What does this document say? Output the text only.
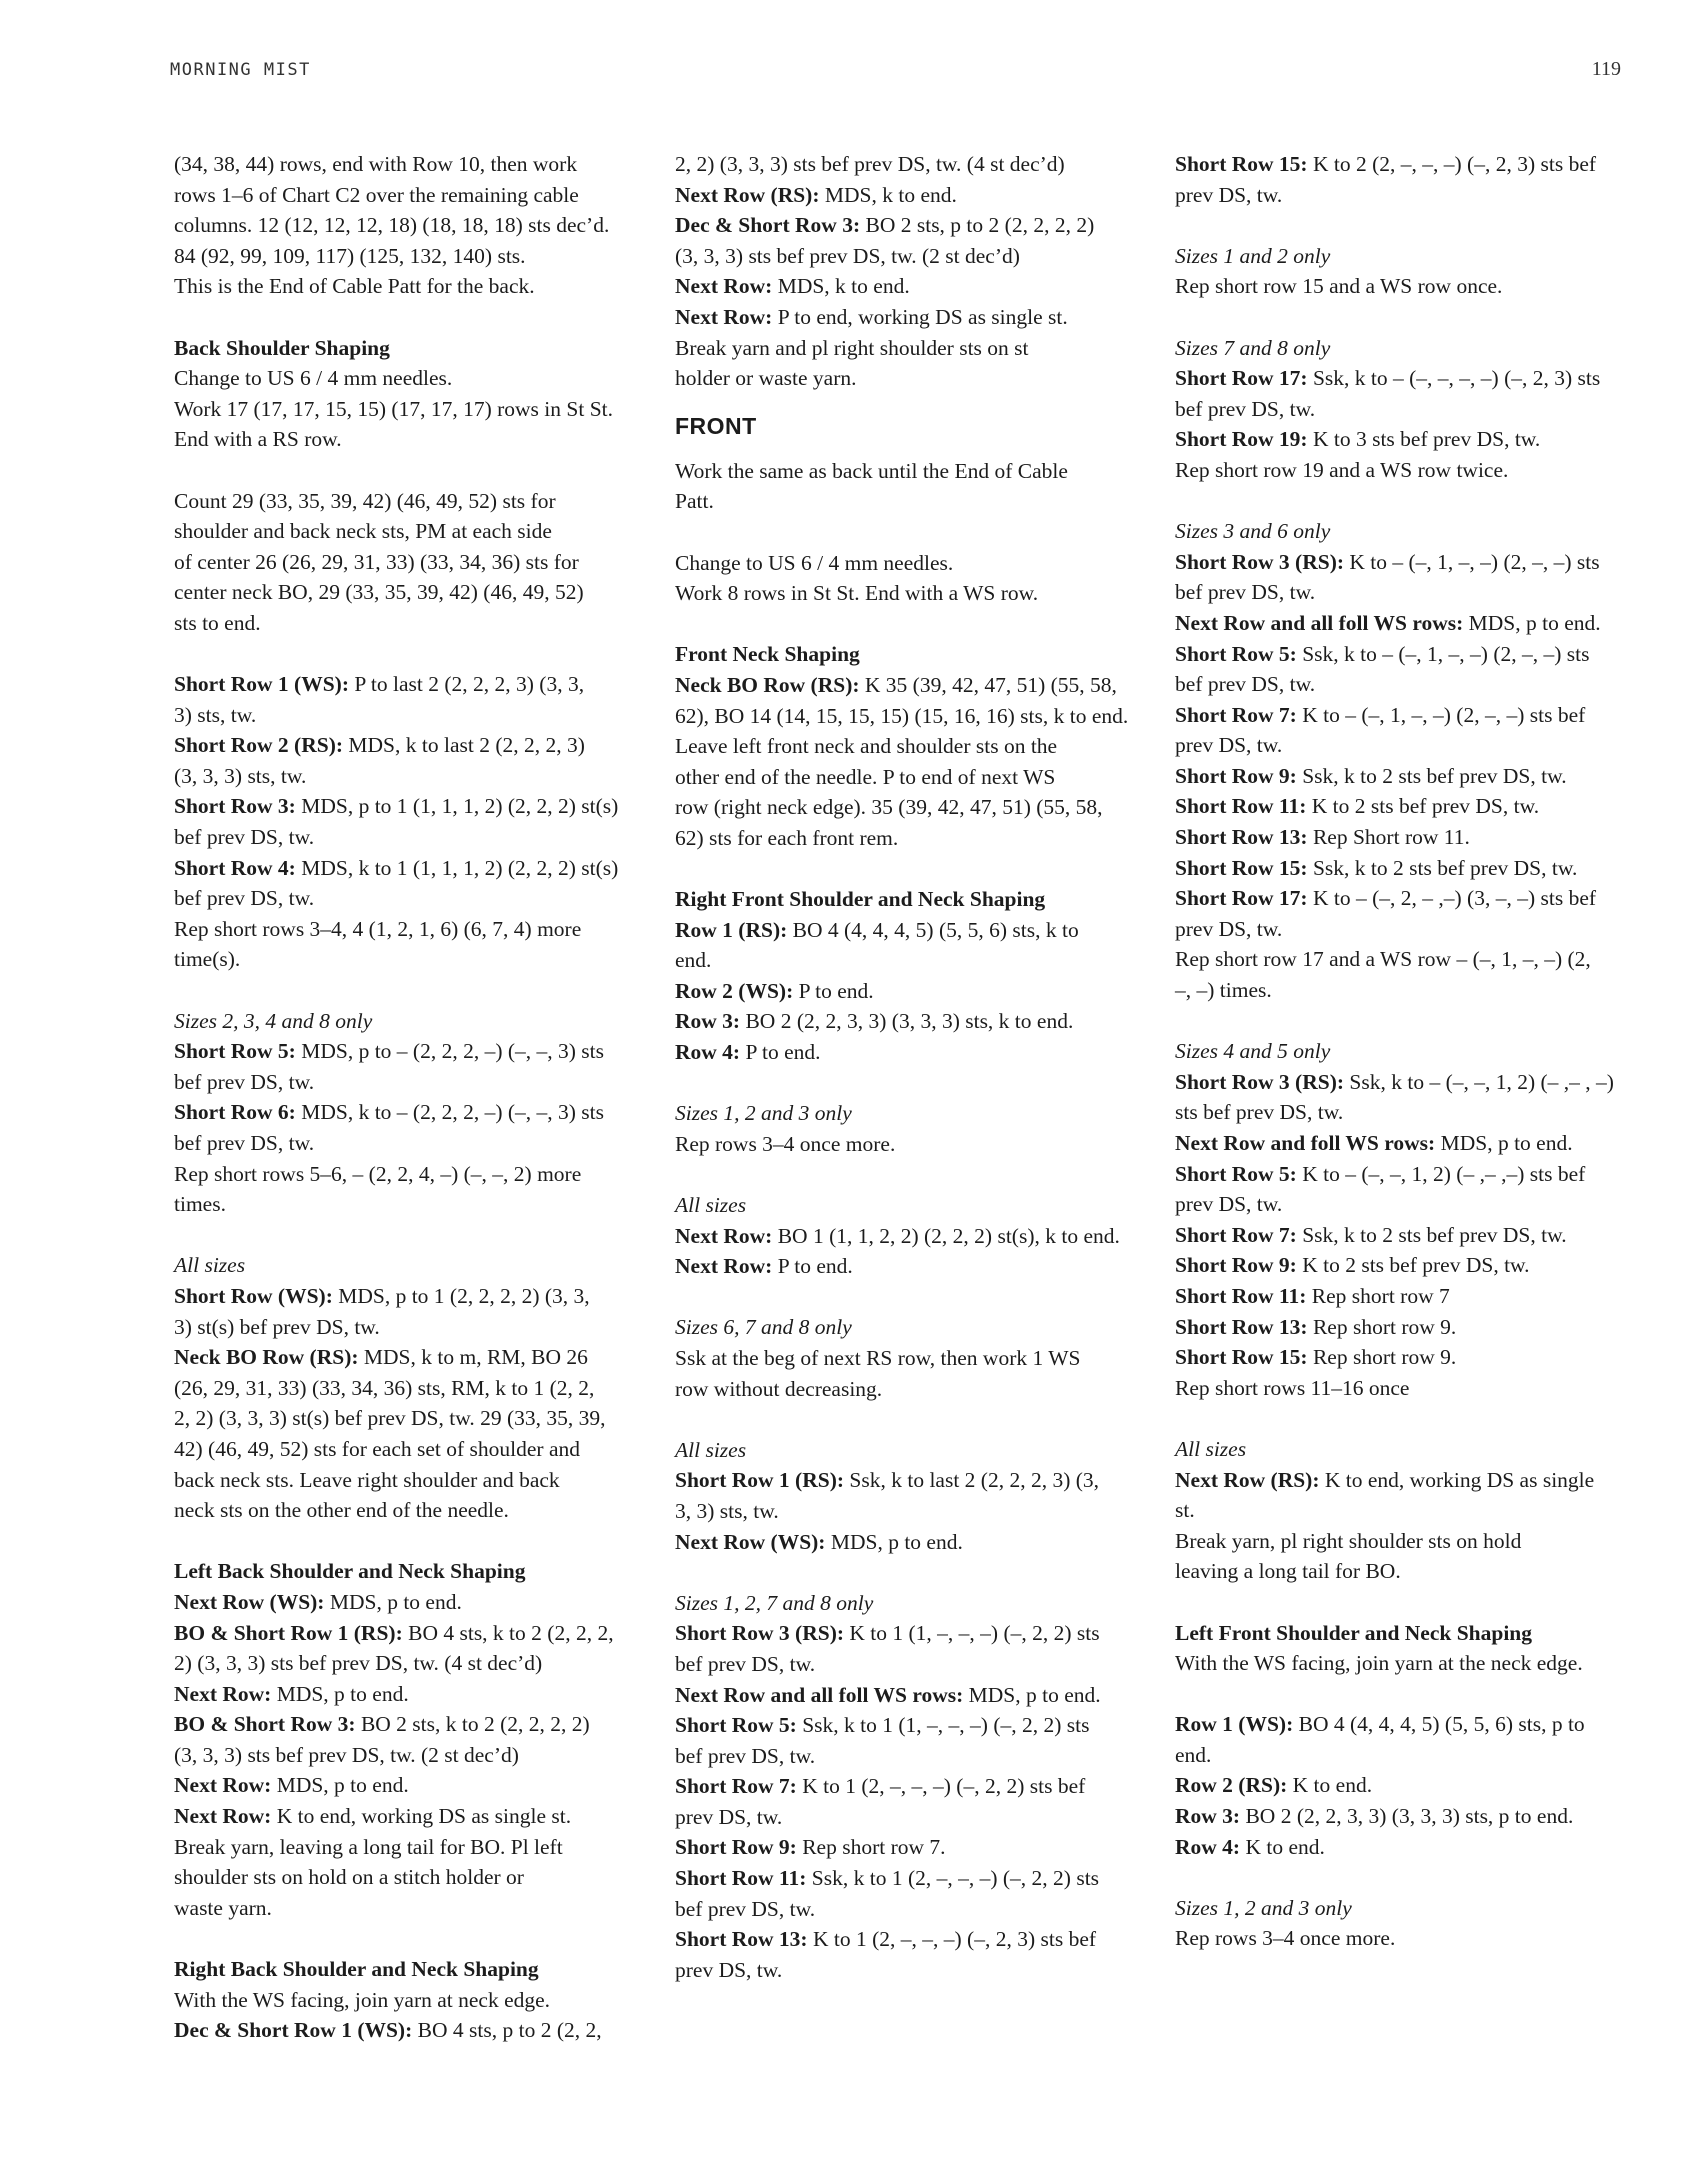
MORNING MIST	119
(34, 38, 44) rows, end with Row 10, then work
rows 1–6 of Chart C2 over the remaining cable
columns. 12 (12, 12, 12, 18) (18, 18, 18) sts dec’d.
84 (92, 99, 109, 117) (125, 132, 140) sts.
This is the End of Cable Patt for the back.
Back Shoulder Shaping
Change to US 6 / 4 mm needles.
Work 17 (17, 17, 15, 15) (17, 17, 17) rows in St St.
End with a RS row.
Count 29 (33, 35, 39, 42) (46, 49, 52) sts for
shoulder and back neck sts, PM at each side
of center 26 (26, 29, 31, 33) (33, 34, 36) sts for
center neck BO, 29 (33, 35, 39, 42) (46, 49, 52)
sts to end.
Short Row 1 (WS): P to last 2 (2, 2, 2, 3) (3, 3,
3) sts, tw.
Short Row 2 (RS): MDS, k to last 2 (2, 2, 2, 3)
(3, 3, 3) sts, tw.
Short Row 3: MDS, p to 1 (1, 1, 1, 2) (2, 2, 2) st(s)
bef prev DS, tw.
Short Row 4: MDS, k to 1 (1, 1, 1, 2) (2, 2, 2) st(s)
bef prev DS, tw.
Rep short rows 3–4, 4 (1, 2, 1, 6) (6, 7, 4) more
time(s).
Sizes 2, 3, 4 and 8 only
Short Row 5: MDS, p to – (2, 2, 2, –) (–, –, 3) sts
bef prev DS, tw.
Short Row 6: MDS, k to – (2, 2, 2, –) (–, –, 3) sts
bef prev DS, tw.
Rep short rows 5–6, – (2, 2, 4, –) (–, –, 2) more
times.
All sizes
Short Row (WS): MDS, p to 1 (2, 2, 2, 2) (3, 3,
3) st(s) bef prev DS, tw.
Neck BO Row (RS): MDS, k to m, RM, BO 26
(26, 29, 31, 33) (33, 34, 36) sts, RM, k to 1 (2, 2,
2, 2) (3, 3, 3) st(s) bef prev DS, tw. 29 (33, 35, 39,
42) (46, 49, 52) sts for each set of shoulder and
back neck sts. Leave right shoulder and back
neck sts on the other end of the needle.
Left Back Shoulder and Neck Shaping
Next Row (WS): MDS, p to end.
BO & Short Row 1 (RS): BO 4 sts, k to 2 (2, 2, 2,
2) (3, 3, 3) sts bef prev DS, tw. (4 st dec’d)
Next Row: MDS, p to end.
BO & Short Row 3: BO 2 sts, k to 2 (2, 2, 2, 2)
(3, 3, 3) sts bef prev DS, tw. (2 st dec’d)
Next Row: MDS, p to end.
Next Row: K to end, working DS as single st.
Break yarn, leaving a long tail for BO. Pl left
shoulder sts on hold on a stitch holder or
waste yarn.
Right Back Shoulder and Neck Shaping
With the WS facing, join yarn at neck edge.
Dec & Short Row 1 (WS): BO 4 sts, p to 2 (2, 2,
2, 2) (3, 3, 3) sts bef prev DS, tw. (4 st dec’d)
Next Row (RS): MDS, k to end.
Dec & Short Row 3: BO 2 sts, p to 2 (2, 2, 2, 2)
(3, 3, 3) sts bef prev DS, tw. (2 st dec’d)
Next Row: MDS, k to end.
Next Row: P to end, working DS as single st.
Break yarn and pl right shoulder sts on st
holder or waste yarn.
FRONT
Work the same as back until the End of Cable
Patt.
Change to US 6 / 4 mm needles.
Work 8 rows in St St. End with a WS row.
Front Neck Shaping
Neck BO Row (RS): K 35 (39, 42, 47, 51) (55, 58,
62), BO 14 (14, 15, 15, 15) (15, 16, 16) sts, k to end.
Leave left front neck and shoulder sts on the
other end of the needle. P to end of next WS
row (right neck edge). 35 (39, 42, 47, 51) (55, 58,
62) sts for each front rem.
Right Front Shoulder and Neck Shaping
Row 1 (RS): BO 4 (4, 4, 4, 5) (5, 5, 6) sts, k to
end.
Row 2 (WS): P to end.
Row 3: BO 2 (2, 2, 3, 3) (3, 3, 3) sts, k to end.
Row 4: P to end.
Sizes 1, 2 and 3 only
Rep rows 3–4 once more.
All sizes
Next Row: BO 1 (1, 1, 2, 2) (2, 2, 2) st(s), k to end.
Next Row: P to end.
Sizes 6, 7 and 8 only
Ssk at the beg of next RS row, then work 1 WS
row without decreasing.
All sizes
Short Row 1 (RS): Ssk, k to last 2 (2, 2, 2, 3) (3,
3, 3) sts, tw.
Next Row (WS): MDS, p to end.
Sizes 1, 2, 7 and 8 only
Short Row 3 (RS): K to 1 (1, –, –, –) (–, 2, 2) sts
bef prev DS, tw.
Next Row and all foll WS rows: MDS, p to end.
Short Row 5: Ssk, k to 1 (1, –, –, –) (–, 2, 2) sts
bef prev DS, tw.
Short Row 7: K to 1 (2, –, –, –) (–, 2, 2) sts bef
prev DS, tw.
Short Row 9: Rep short row 7.
Short Row 11: Ssk, k to 1 (2, –, –, –) (–, 2, 2) sts
bef prev DS, tw.
Short Row 13: K to 1 (2, –, –, –) (–, 2, 3) sts bef
prev DS, tw.
Short Row 15: K to 2 (2, –, –, –) (–, 2, 3) sts bef
prev DS, tw.
Sizes 1 and 2 only
Rep short row 15 and a WS row once.
Sizes 7 and 8 only
Short Row 17: Ssk, k to – (–, –, –, –) (–, 2, 3) sts
bef prev DS, tw.
Short Row 19: K to 3 sts bef prev DS, tw.
Rep short row 19 and a WS row twice.
Sizes 3 and 6 only
Short Row 3 (RS): K to – (–, 1, –, –) (2, –, –) sts
bef prev DS, tw.
Next Row and all foll WS rows: MDS, p to end.
Short Row 5: Ssk, k to – (–, 1, –, –) (2, –, –) sts
bef prev DS, tw.
Short Row 7: K to – (–, 1, –, –) (2, –, –) sts bef
prev DS, tw.
Short Row 9: Ssk, k to 2 sts bef prev DS, tw.
Short Row 11: K to 2 sts bef prev DS, tw.
Short Row 13: Rep Short row 11.
Short Row 15: Ssk, k to 2 sts bef prev DS, tw.
Short Row 17: K to – (–, 2, – ,–) (3, –, –) sts bef
prev DS, tw.
Rep short row 17 and a WS row – (–, 1, –, –) (2,
–, –) times.
Sizes 4 and 5 only
Short Row 3 (RS): Ssk, k to – (–, –, 1, 2) (– ,– , –)
sts bef prev DS, tw.
Next Row and foll WS rows: MDS, p to end.
Short Row 5: K to – (–, –, 1, 2) (– ,– ,–) sts bef
prev DS, tw.
Short Row 7: Ssk, k to 2 sts bef prev DS, tw.
Short Row 9: K to 2 sts bef prev DS, tw.
Short Row 11: Rep short row 7
Short Row 13: Rep short row 9.
Short Row 15: Rep short row 9.
Rep short rows 11–16 once
All sizes
Next Row (RS): K to end, working DS as single
st.
Break yarn, pl right shoulder sts on hold
leaving a long tail for BO.
Left Front Shoulder and Neck Shaping
With the WS facing, join yarn at the neck edge.
Row 1 (WS): BO 4 (4, 4, 4, 5) (5, 5, 6) sts, p to
end.
Row 2 (RS): K to end.
Row 3: BO 2 (2, 2, 3, 3) (3, 3, 3) sts, p to end.
Row 4: K to end.
Sizes 1, 2 and 3 only
Rep rows 3–4 once more.
